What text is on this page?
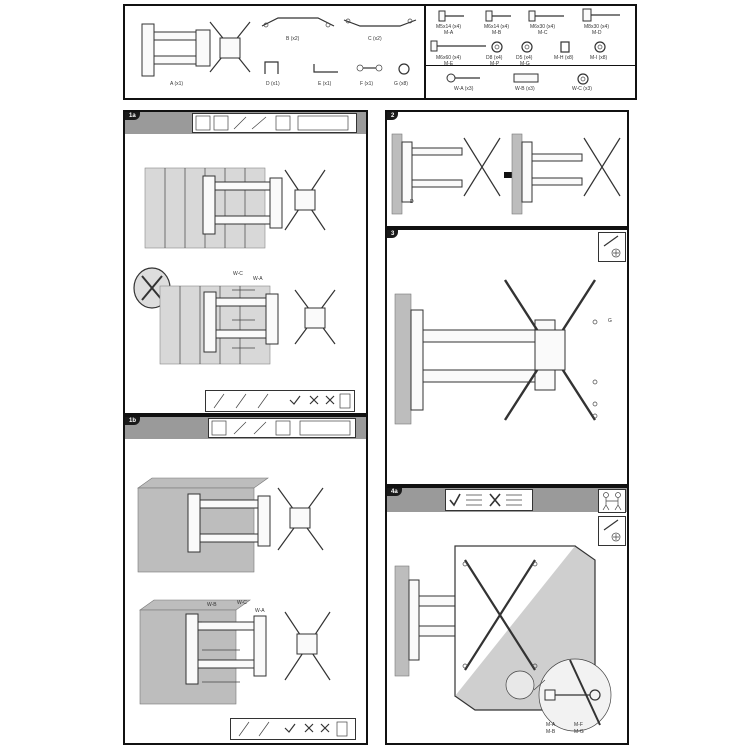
A (x1)
B (x2)	C (x2)
D (x1)	E (x1)	F (x1)	G (x8)
M5x14 (x4)
M-A
M6x14 (x4)
M-B
M6x30 (x4)
M-C
M8x30 (x4)
M-D
M6x60 (x4)
M-E
D8 (x4)
M-P
D5 (x4)
M-G
M-H (x8)	M-I (x8)
W-A (x3)	W-B (x3)	W-C (x3)
1a
W-C
W-A
1b
W-B	W-C
W-A
2
D
3
G
4a
M-A
M-B
M-F
M-G
